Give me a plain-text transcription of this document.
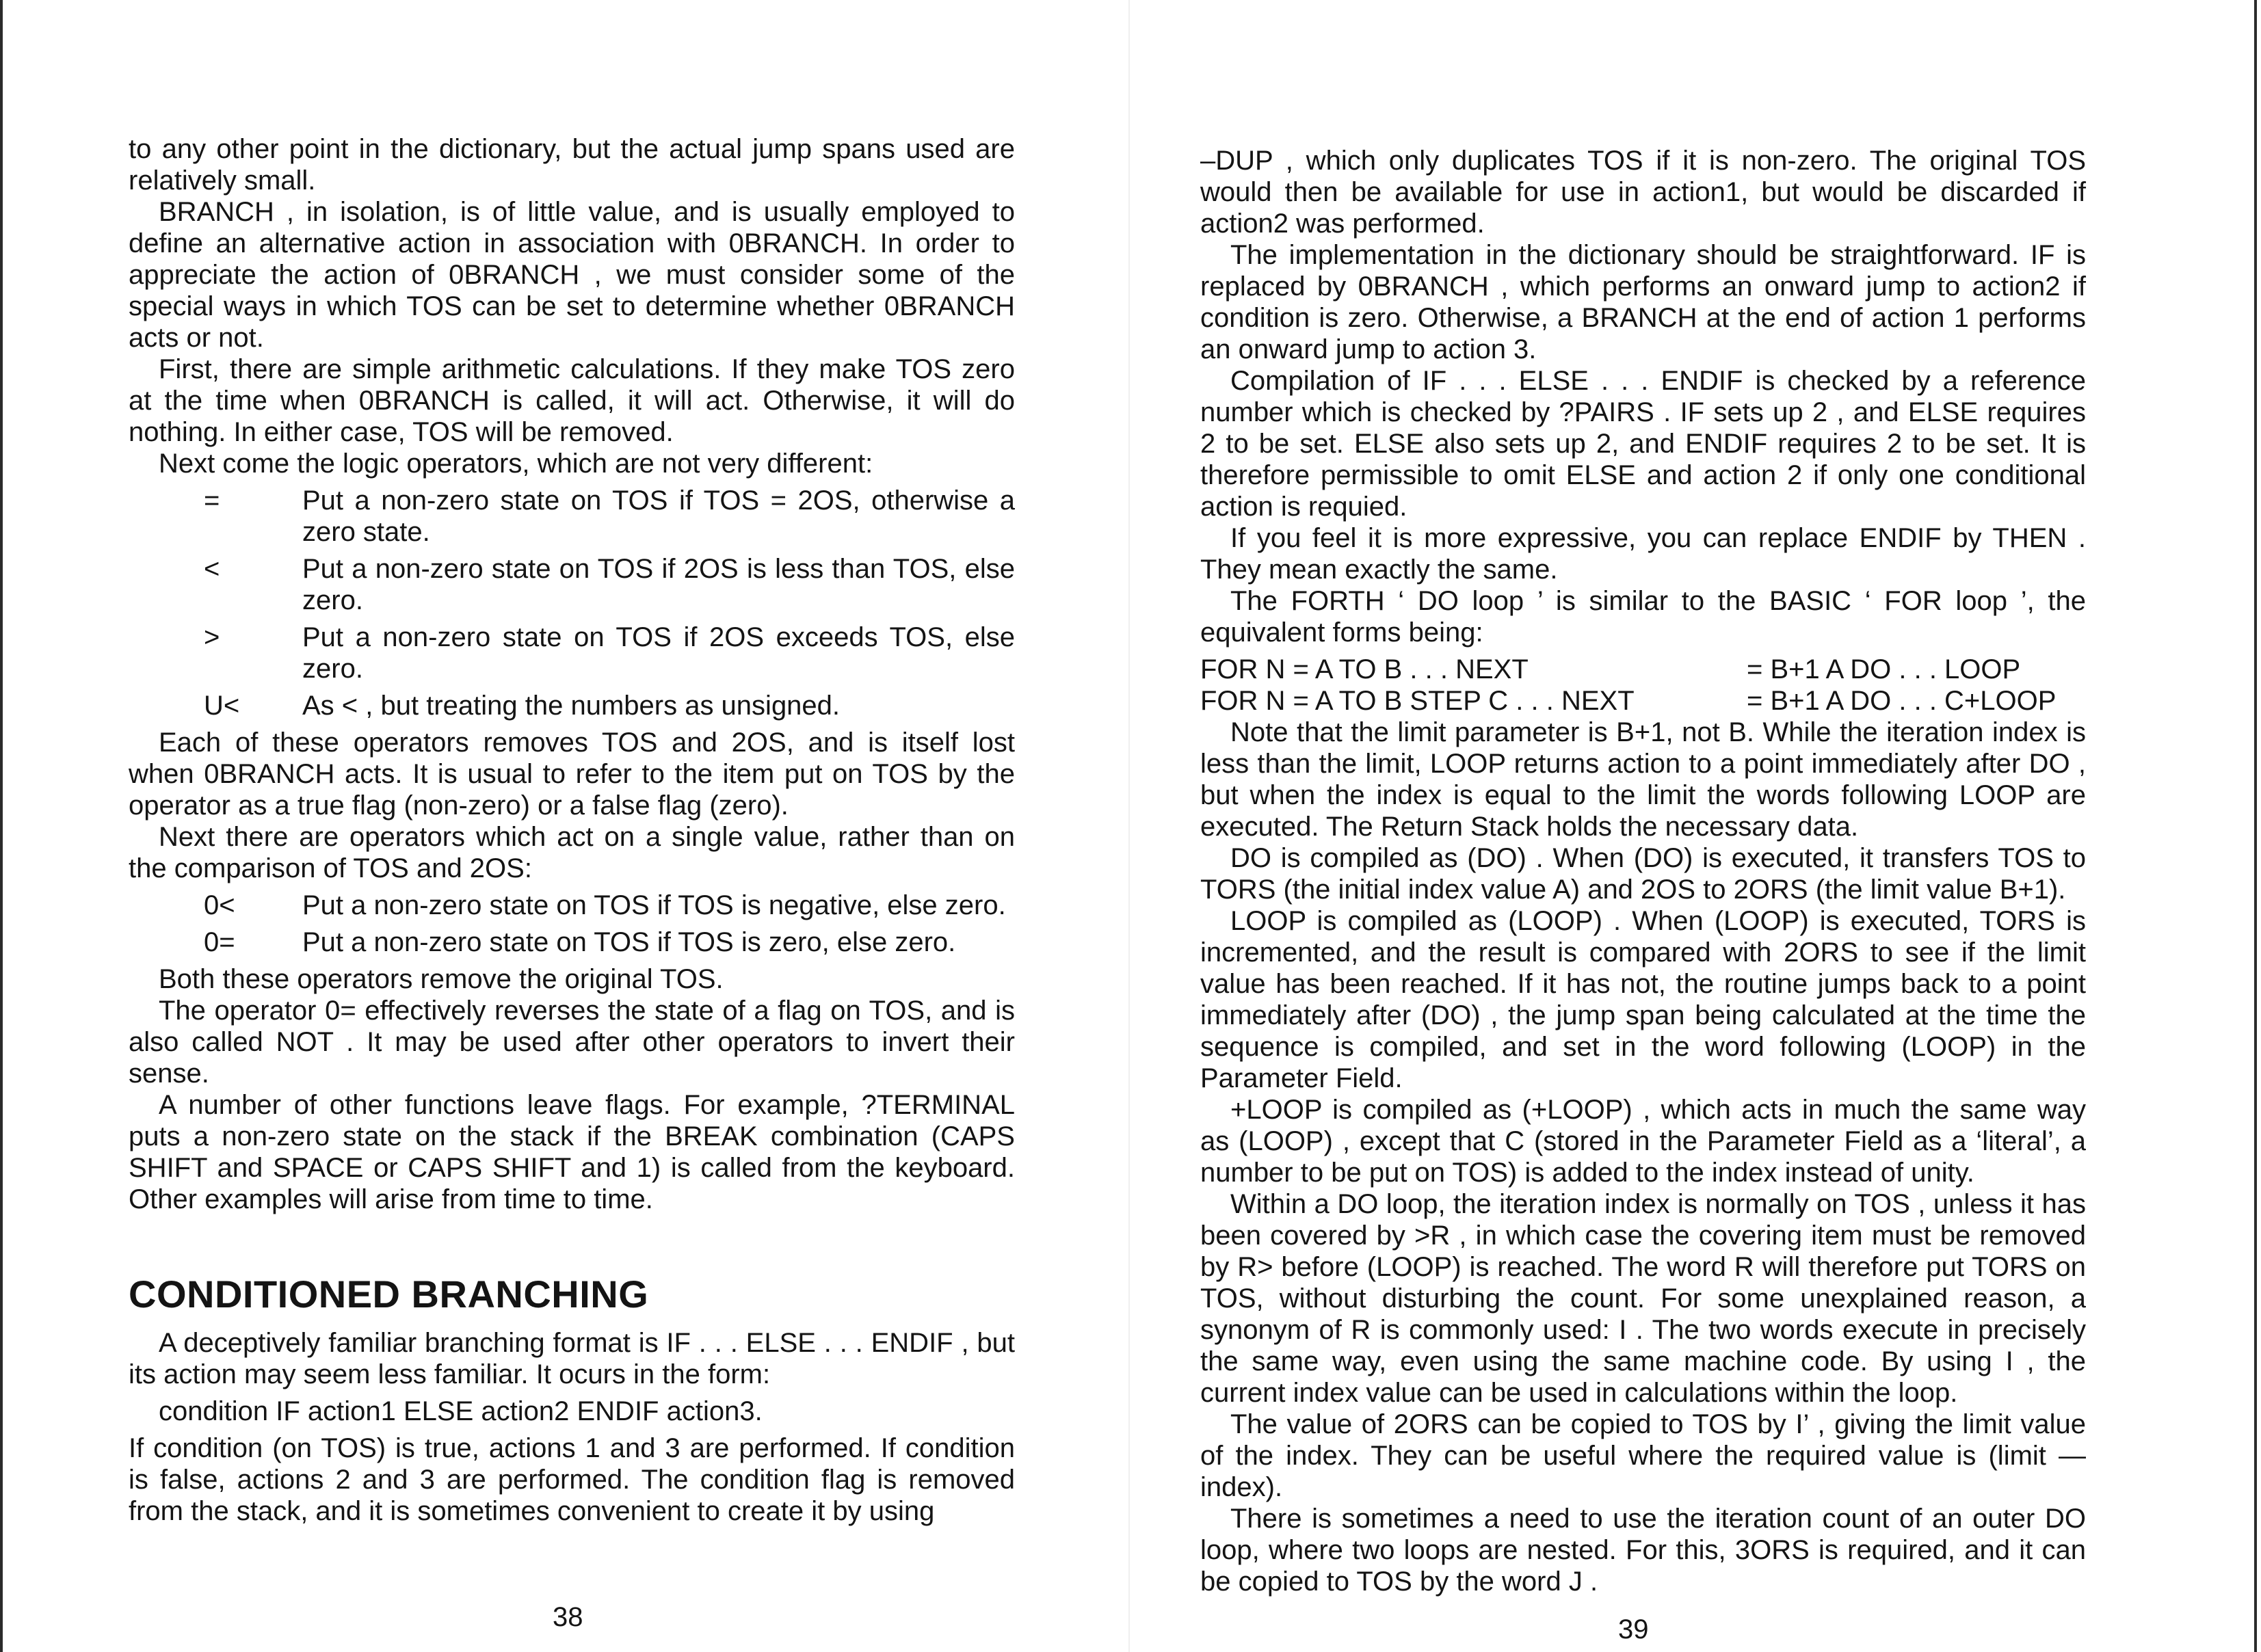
to any other point in the dictionary, but the actual jump spans used are relatively small.

BRANCH , in isolation, is of little value, and is usually employed to define an alternative action in association with 0BRANCH. In order to appreciate the action of 0BRANCH , we must consider some of the special ways in which TOS can be set to determine whether 0BRANCH acts or not.

First, there are simple arithmetic calculations. If they make TOS zero at the time when 0BRANCH is called, it will act. Otherwise, it will do nothing. In either case, TOS will be removed.

Next come the logic operators, which are not very different:

=	Put a non-zero state on TOS if TOS = 2OS, otherwise a zero state.
<	Put a non-zero state on TOS if 2OS is less than TOS, else zero.
>	Put a non-zero state on TOS if 2OS exceeds TOS, else zero.
U<	As < , but treating the numbers as unsigned.

Each of these operators removes TOS and 2OS, and is itself lost when 0BRANCH acts. It is usual to refer to the item put on TOS by the operator as a true flag (non-zero) or a false flag (zero).

Next there are operators which act on a single value, rather than on the comparison of TOS and 2OS:

0<	Put a non-zero state on TOS if TOS is negative, else zero.
0=	Put a non-zero state on TOS if TOS is zero, else zero.

Both these operators remove the original TOS.

The operator 0= effectively reverses the state of a flag on TOS, and is also called NOT . It may be used after other operators to invert their sense.

A number of other functions leave flags. For example, ?TERMINAL puts a non-zero state on the stack if the BREAK combination (CAPS SHIFT and SPACE or CAPS SHIFT and 1) is called from the keyboard. Other examples will arise from time to time.

CONDITIONED BRANCHING

A deceptively familiar branching format is IF . . . ELSE . . . ENDIF , but its action may seem less familiar. It ocurs in the form:

condition IF action1 ELSE action2 ENDIF action3.

If condition (on TOS) is true, actions 1 and 3 are performed. If condition is false, actions 2 and 3 are performed. The condition flag is removed from the stack, and it is sometimes convenient to create it by using

38

–DUP , which only duplicates TOS if it is non-zero. The original TOS would then be available for use in action1, but would be discarded if action2 was performed.

The implementation in the dictionary should be straightforward. IF is replaced by 0BRANCH , which performs an onward jump to action2 if condition is zero. Otherwise, a BRANCH at the end of action 1 performs an onward jump to action 3.

Compilation of IF . . . ELSE . . . ENDIF is checked by a reference number which is checked by ?PAIRS . IF sets up 2 , and ELSE requires 2 to be set. ELSE also sets up 2, and ENDIF requires 2 to be set. It is therefore permissible to omit ELSE and action 2 if only one conditional action is requied.

If you feel it is more expressive, you can replace ENDIF by THEN . They mean exactly the same.

The FORTH ‘ DO loop ’ is similar to the BASIC ‘ FOR loop ’, the equivalent forms being:

FOR N = A TO B . . . NEXT	= B+1 A DO . . . LOOP
FOR N = A TO B STEP C . . . NEXT	= B+1 A DO . . . C+LOOP

Note that the limit parameter is B+1, not B. While the iteration index is less than the limit, LOOP returns action to a point immediately after DO , but when the index is equal to the limit the words following LOOP are executed. The Return Stack holds the necessary data.

DO is compiled as (DO) . When (DO) is executed, it transfers TOS to TORS (the initial index value A) and 2OS to 2ORS (the limit value B+1).

LOOP is compiled as (LOOP) . When (LOOP) is executed, TORS is incremented, and the result is compared with 2ORS to see if the limit value has been reached. If it has not, the routine jumps back to a point immediately after (DO) , the jump span being calculated at the time the sequence is compiled, and set in the word following (LOOP) in the Parameter Field.

+LOOP is compiled as (+LOOP) , which acts in much the same way as (LOOP) , except that C (stored in the Parameter Field as a ‘literal’, a number to be put on TOS) is added to the index instead of unity.

Within a DO loop, the iteration index is normally on TOS , unless it has been covered by >R , in which case the covering item must be removed by R> before (LOOP) is reached. The word R will therefore put TORS on TOS, without disturbing the count. For some unexplained reason, a synonym of R is commonly used: I . The two words execute in precisely the same way, even using the same machine code. By using I , the current index value can be used in calculations within the loop.

The value of 2ORS can be copied to TOS by I’ , giving the limit value of the index. They can be useful where the required value is (limit — index).

There is sometimes a need to use the iteration count of an outer DO loop, where two loops are nested. For this, 3ORS is required, and it can be copied to TOS by the word J .

39
